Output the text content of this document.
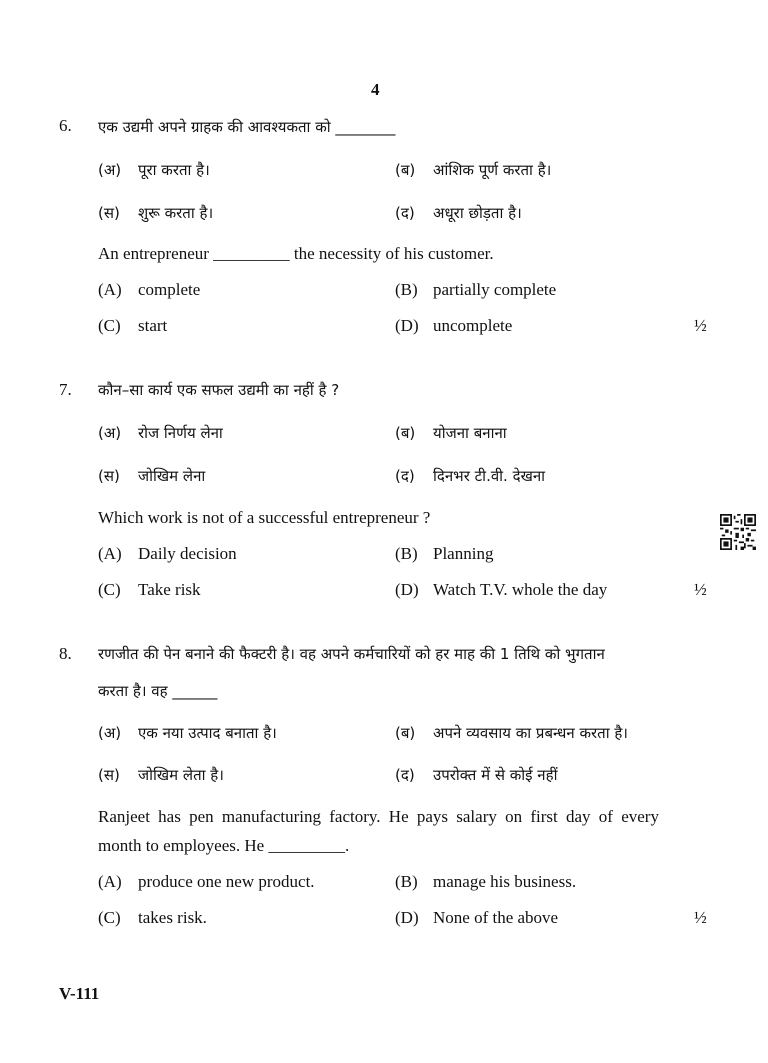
4
6. एक उद्यमी अपने ग्राहक की आवश्यकता को ________
(अ) पूरा करता है।	(ब) आंशिक पूर्ण करता है।
(स) शुरू करता है।	(द) अधूरा छोड़ता है।
An entrepreneur _________ the necessity of his customer.
(A) complete	(B) partially complete
(C) start	(D) uncomplete	½
7. कौन–सा कार्य एक सफल उद्यमी का नहीं है ?
(अ) रोज निर्णय लेना	(ब) योजना बनाना
(स) जोखिम लेना	(द) दिनभर टी.वी. देखना
Which work is not of a successful entrepreneur ?
(A) Daily decision	(B) Planning
(C) Take risk	(D) Watch T.V. whole the day	½
8. रणजीत की पेन बनाने की फैक्टरी है। वह अपने कर्मचारियों को हर माह की 1 तिथि को भुगतान
करता है। वह ______
(अ) एक नया उत्पाद बनाता है।	(ब) अपने व्यवसाय का प्रबन्धन करता है।
(स) जोखिम लेता है।	(द) उपरोक्त में से कोई नहीं
Ranjeet has pen manufacturing factory. He pays salary on first day of every
month to employees. He _________.
(A) produce one new product.	(B) manage his business.
(C) takes risk.	(D) None of the above	½
V-111
